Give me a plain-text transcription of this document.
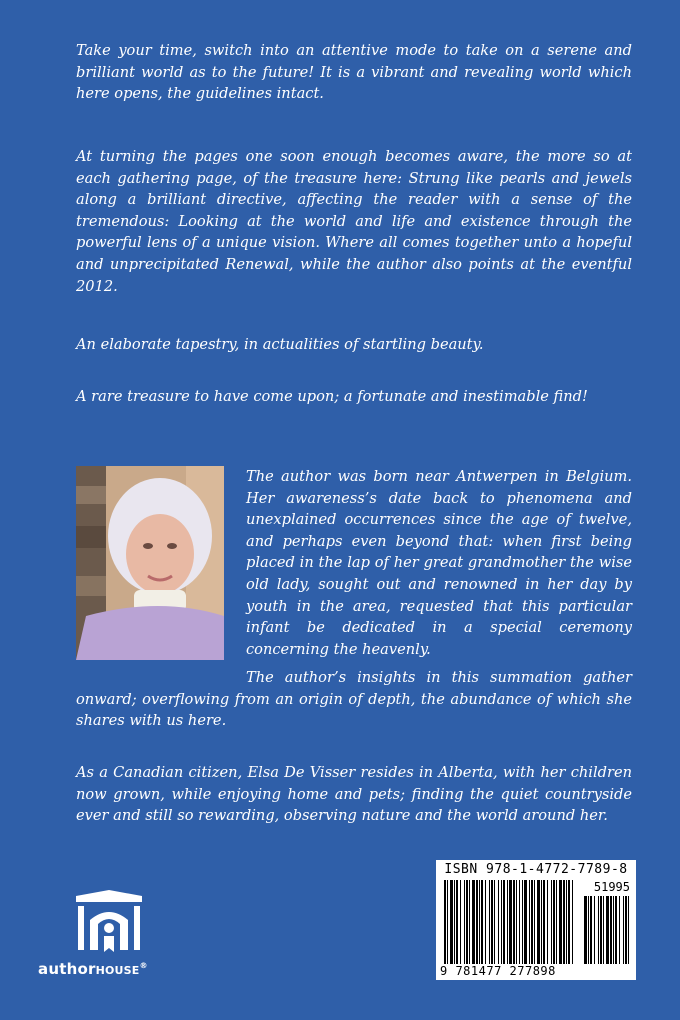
Take your time, switch into an attentive mode to take on a serene and brilliant world as to the future! It is a vibrant and revealing world which here opens, the guidelines intact.

At turning the pages one soon enough becomes aware, the more so at each gathering page, of the treasure here: Strung like pearls and jewels along a brilliant directive, affecting the reader with a sense of the tremendous: Looking at the world and life and existence through the powerful lens of a unique vision. Where all comes together unto a hopeful and unprecipitated Renewal, while the author also points at the eventful 2012.

An elaborate tapestry, in actualities of startling beauty.

A rare treasure to have come upon; a fortunate and inestimable find!

The author was born near Antwerpen in Belgium. Her awareness’s date back to phenomena and unexplained occurrences since the age of twelve, and perhaps even beyond that: when first being placed in the lap of her great grandmother the wise old lady, sought out and renowned in her day by youth in the area, requested that this particular infant be dedicated in a special ceremony concerning the heavenly.

The author’s insights in this summation gather onward; overflowing from an origin of depth, the abundance of which she shares with us here.

As a Canadian citizen, Elsa De Visser resides in Alberta, with her children now grown, while enjoying home and pets; finding the quiet countryside ever and still so rewarding, observing nature and the world around her.

authorHOUSE®
ISBN 978-1-4772-7789-8
51995
9 781477 277898
